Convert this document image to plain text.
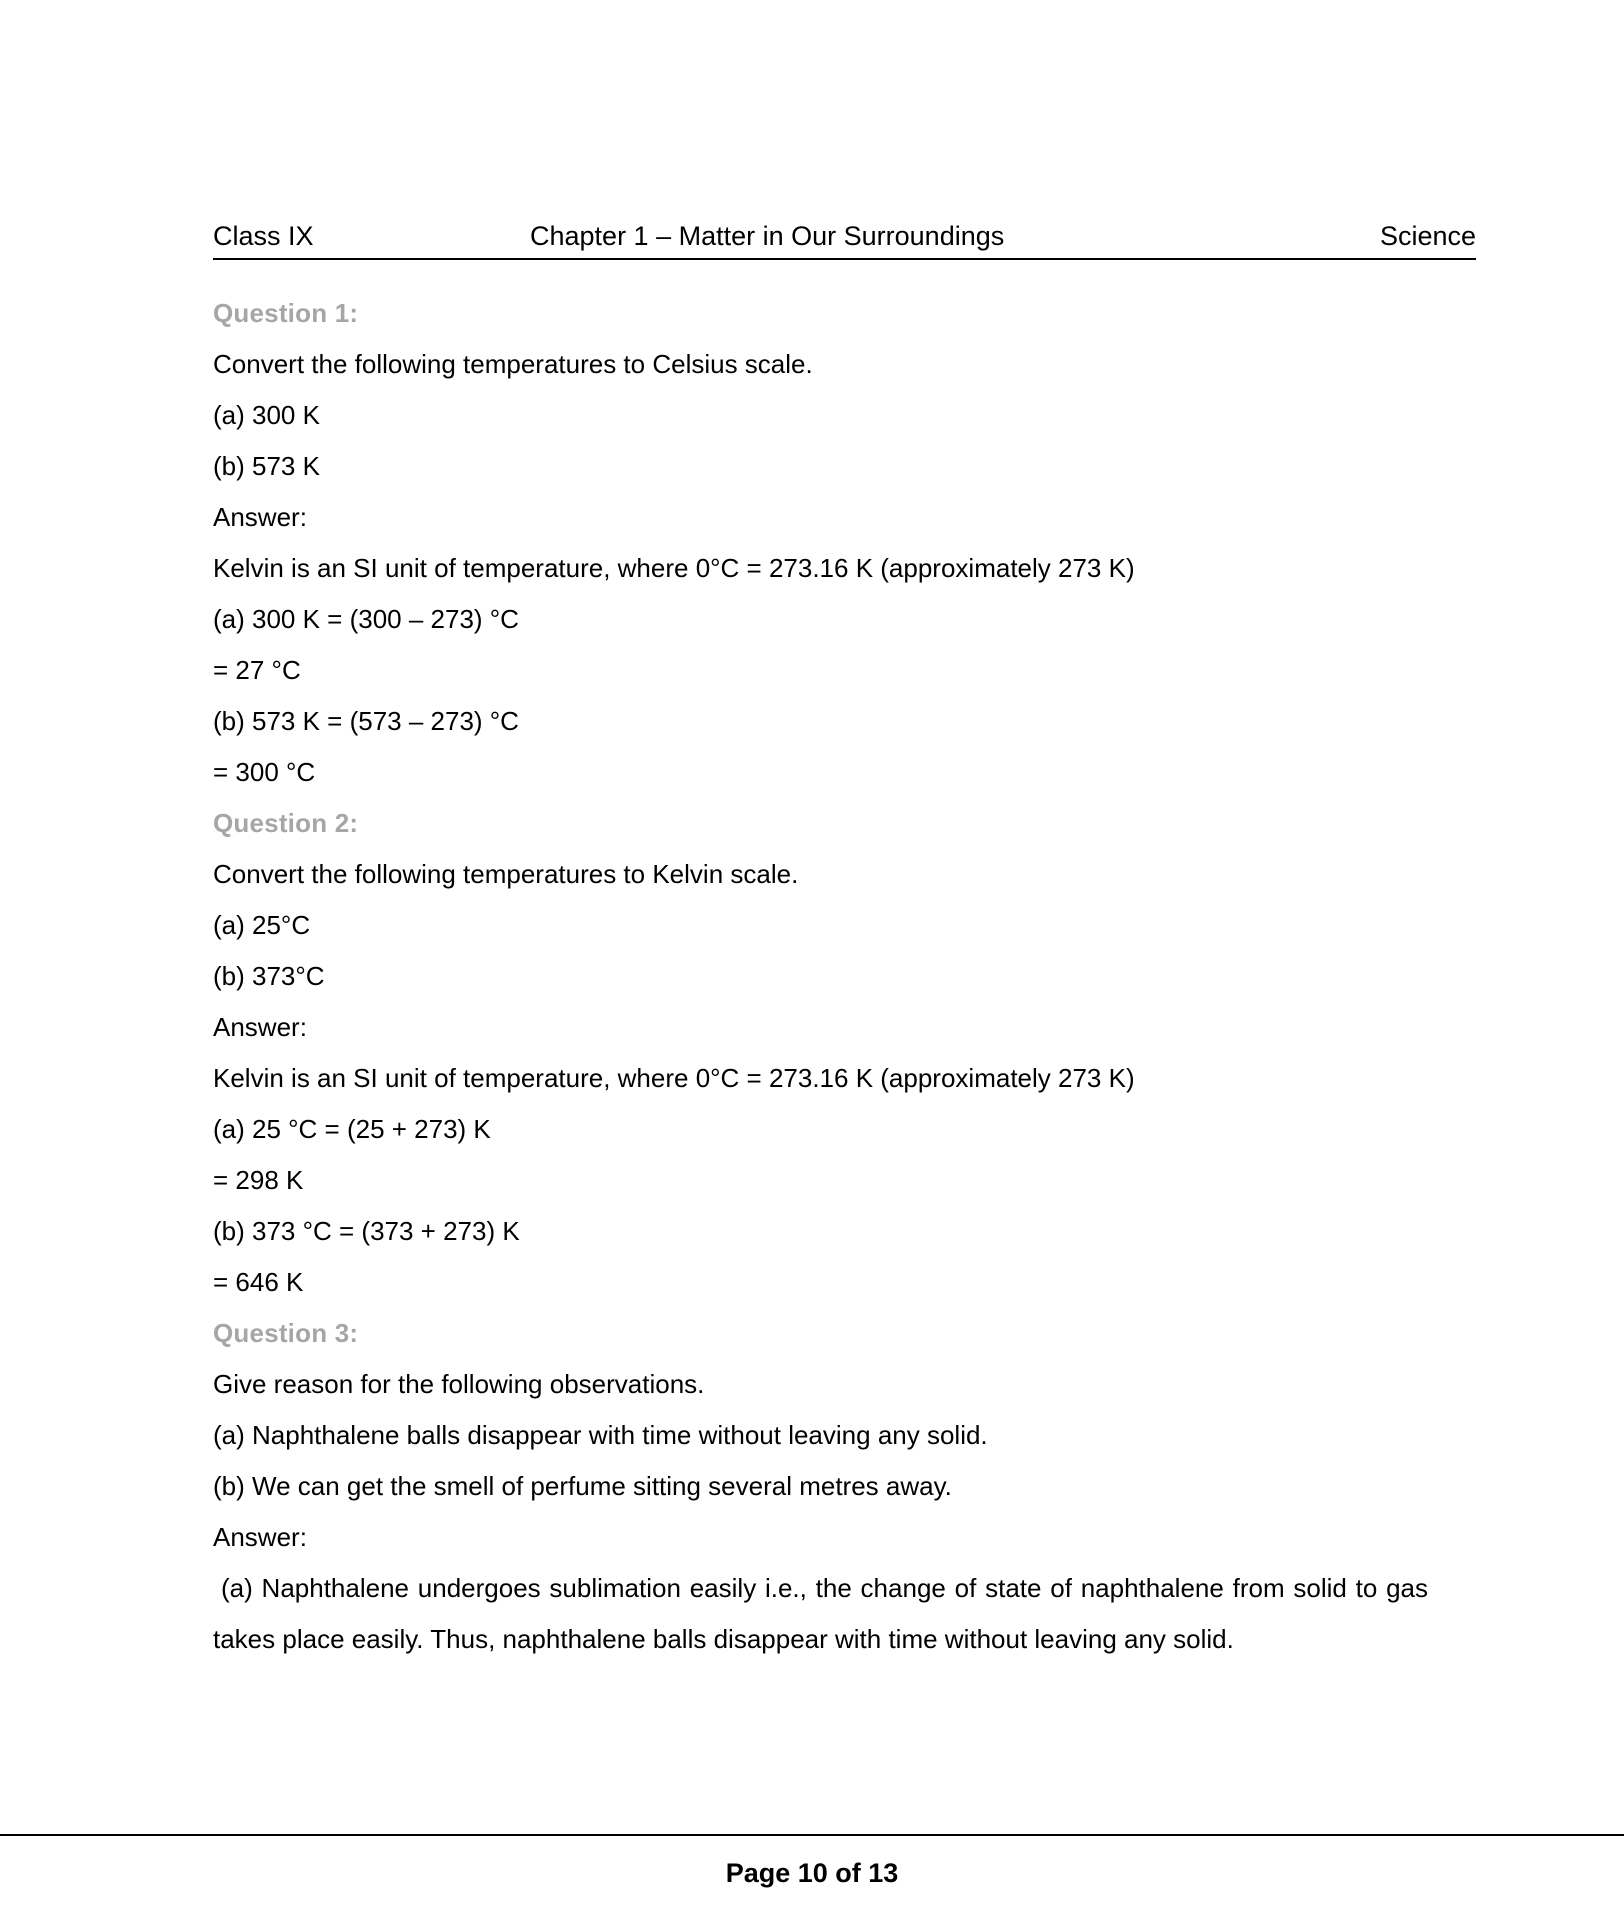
Class IX	Chapter 1 – Matter in Our Surroundings	Science

Question 1:

Convert the following temperatures to Celsius scale.

(a) 300 K

(b) 573 K

Answer:

Kelvin is an SI unit of temperature, where 0°C = 273.16 K (approximately 273 K)

(a) 300 K = (300 – 273) °C

= 27 °C

(b) 573 K = (573 – 273) °C

= 300 °C

Question 2:

Convert the following temperatures to Kelvin scale.

(a) 25°C

(b) 373°C

Answer:

Kelvin is an SI unit of temperature, where 0°C = 273.16 K (approximately 273 K)

(a) 25 °C = (25 + 273) K

= 298 K

(b) 373 °C = (373 + 273) K

= 646 K

Question 3:

Give reason for the following observations.

(a) Naphthalene balls disappear with time without leaving any solid.

(b) We can get the smell of perfume sitting several metres away.

Answer:

(a) Naphthalene undergoes sublimation easily i.e., the change of state of naphthalene from solid to gas takes place easily. Thus, naphthalene balls disappear with time without leaving any solid.

Page 10 of 13
